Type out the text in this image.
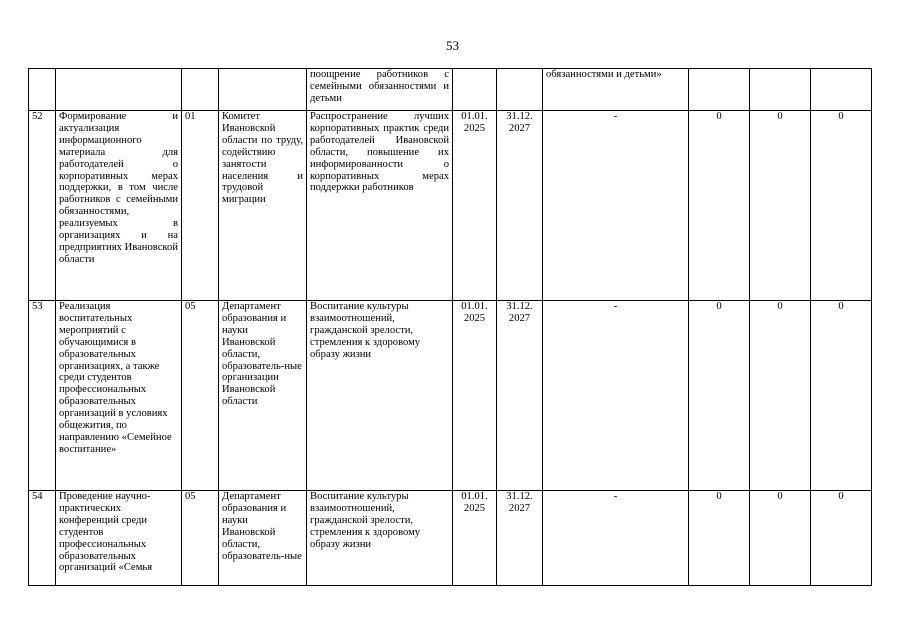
53
				поощрение работников с семейными обязанностями и детьми			обязанностями и детьми»			
52	Формирование и актуализация информационного материала для работодателей о корпоративных мерах поддержки, в том числе работников с семейными обязанностями, реализуемых в организациях и на предприятиях Ивановской области	01	Комитет Ивановской области по труду, содействию занятости населения и трудовой миграции	Распространение лучших корпоративных практик среди работодателей Ивановской области, повышение их информированности о корпоративных мерах поддержки работников	01.01. 2025	31.12. 2027	-	0	0	0
53	Реализация воспитательных мероприятий с обучающимися в образовательных организациях, а также среди студентов профессиональных образовательных организаций в условиях общежития, по направлению «Семейное воспитание»	05	Департамент образования и науки Ивановской области, образователь-ные организации Ивановской области	Воспитание культуры взаимоотношений, гражданской зрелости, стремления к здоровому образу жизни	01.01. 2025	31.12. 2027	-	0	0	0
54	Проведение научно-практических конференций среди студентов профессиональных образовательных организаций «Семья	05	Департамент образования и науки Ивановской области, образователь-ные	Воспитание культуры взаимоотношений, гражданской зрелости, стремления к здоровому образу жизни	01.01. 2025	31.12. 2027	-	0	0	0
